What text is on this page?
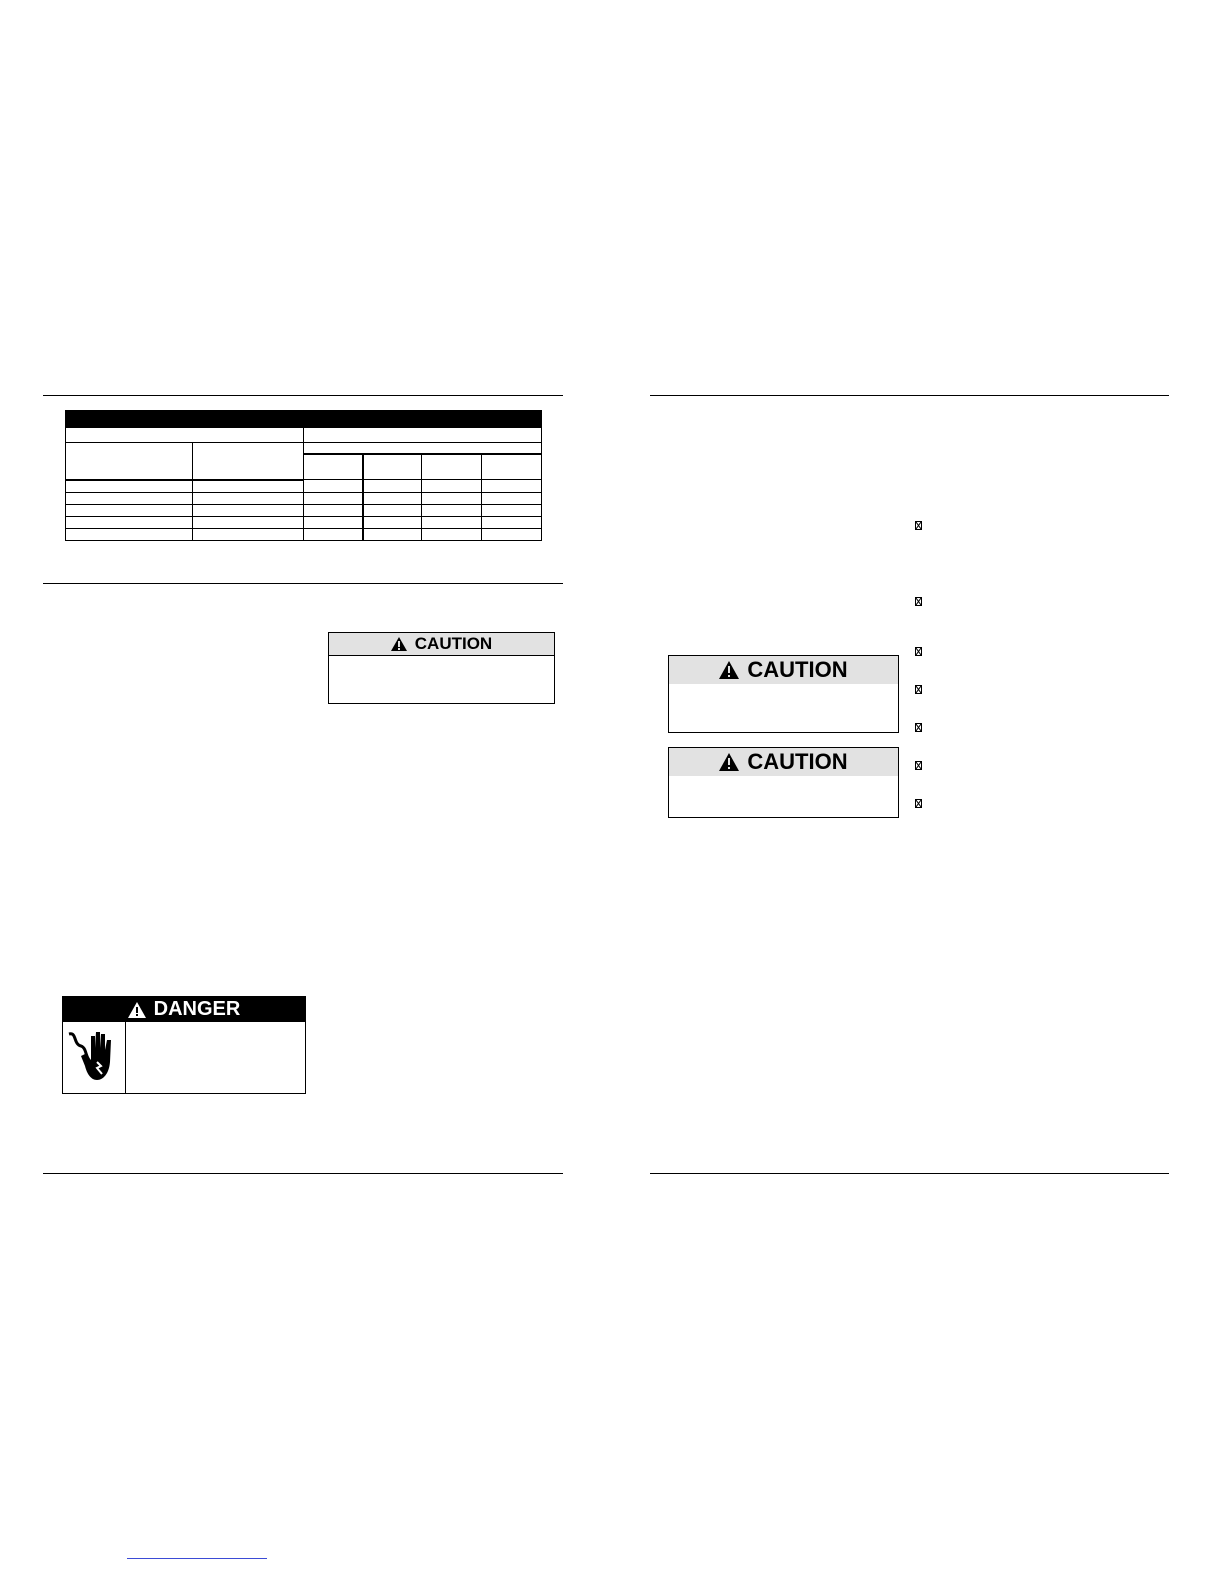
CAUTION
DANGER
CAUTION
CAUTION
